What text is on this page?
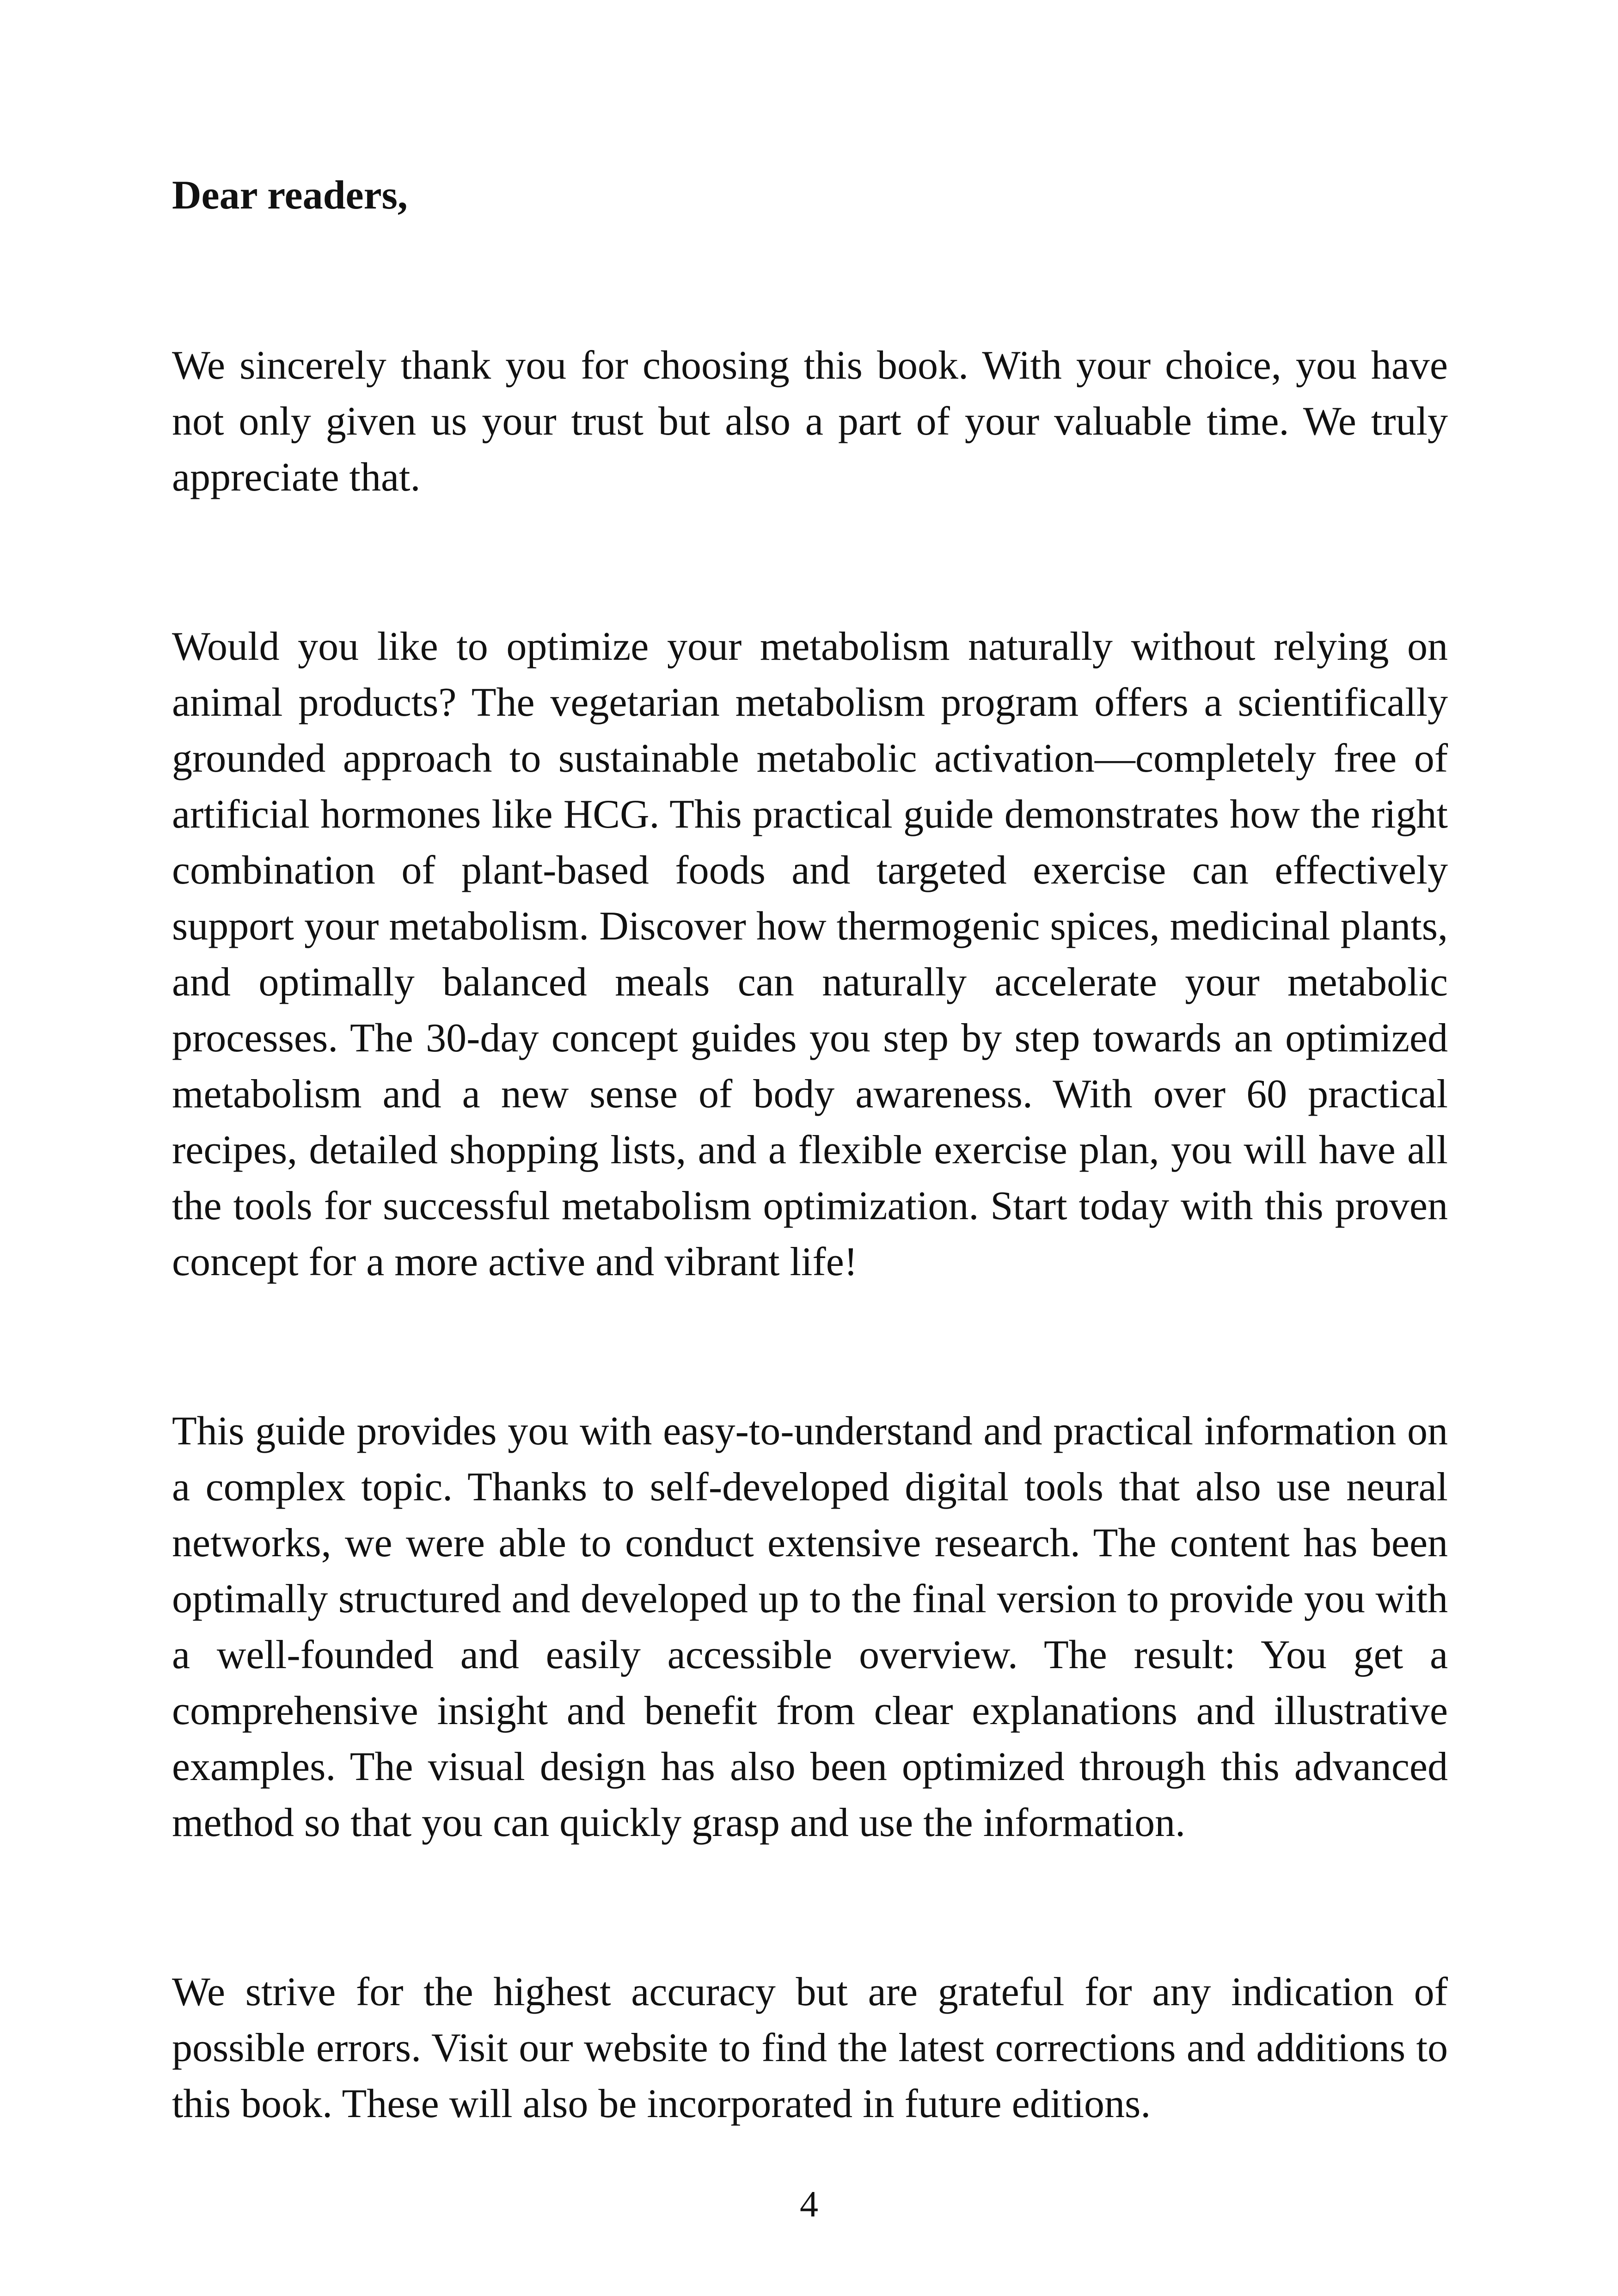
Dear readers,

We sincerely thank you for choosing this book. With your choice, you have not only given us your trust but also a part of your valuable time. We truly appreciate that.

Would you like to optimize your metabolism naturally without relying on animal products? The vegetarian metabolism program offers a scientifically grounded approach to sustainable metabolic activation—completely free of artificial hormones like HCG. This practical guide demonstrates how the right combination of plant-based foods and targeted exercise can effectively support your metabolism. Discover how thermogenic spices, medicinal plants, and optimally balanced meals can naturally accelerate your metabolic processes. The 30-day concept guides you step by step towards an optimized metabolism and a new sense of body awareness. With over 60 practical recipes, detailed shopping lists, and a flexible exercise plan, you will have all the tools for successful metabolism optimization. Start today with this proven concept for a more active and vibrant life!

This guide provides you with easy-to-understand and practical information on a complex topic. Thanks to self-developed digital tools that also use neural networks, we were able to conduct extensive research. The content has been optimally structured and developed up to the final version to provide you with a well-founded and easily accessible overview. The result: You get a comprehensive insight and benefit from clear explanations and illustrative examples. The visual design has also been optimized through this advanced method so that you can quickly grasp and use the information.

We strive for the highest accuracy but are grateful for any indication of possible errors. Visit our website to find the latest corrections and additions to this book. These will also be incorporated in future editions.

4
